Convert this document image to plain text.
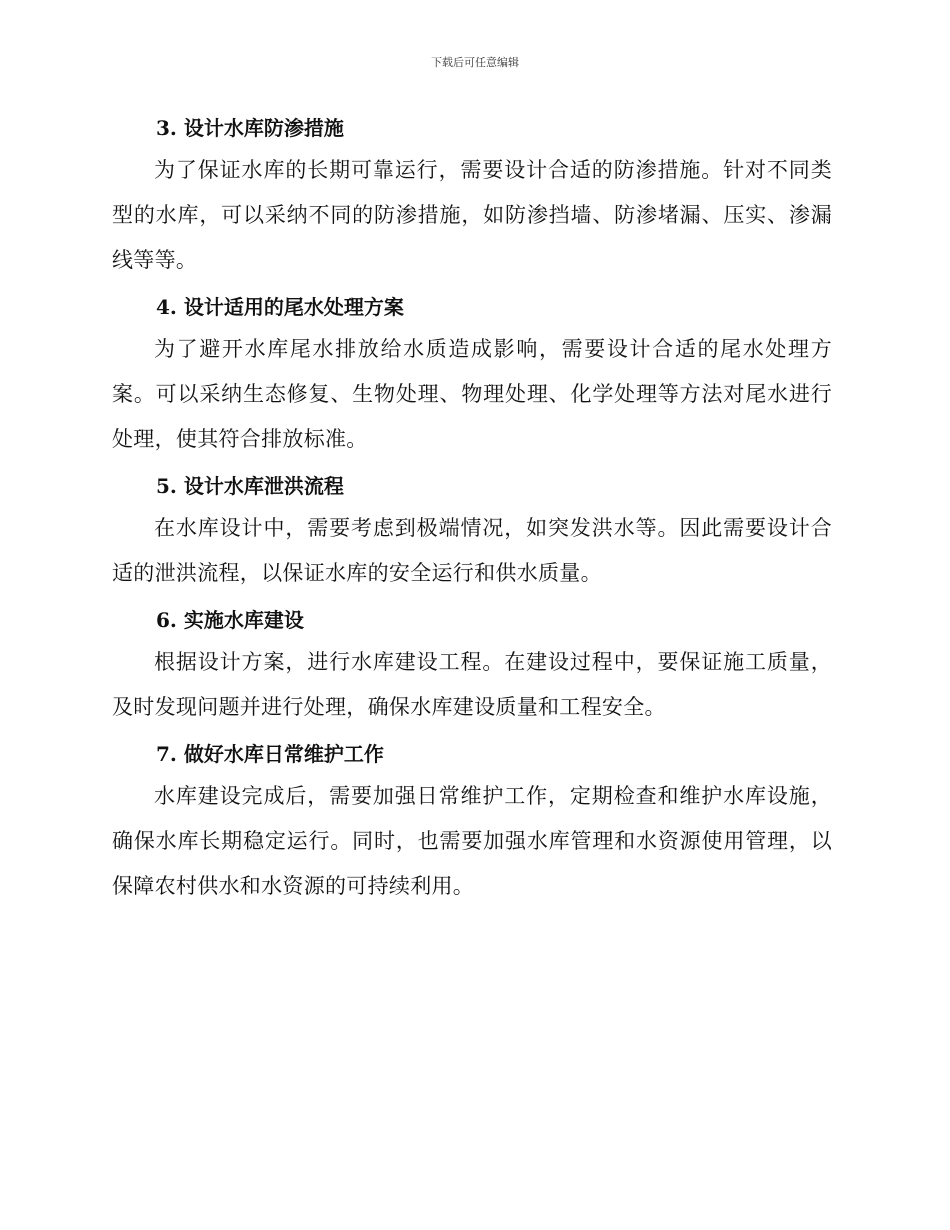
下载后可任意编辑
3. 设计水库防渗措施

为了保证水库的长期可靠运行，需要设计合适的防渗措施。针对不同类型的水库，可以采纳不同的防渗措施，如防渗挡墙、防渗堵漏、压实、渗漏线等等。

4. 设计适用的尾水处理方案

为了避开水库尾水排放给水质造成影响，需要设计合适的尾水处理方案。可以采纳生态修复、生物处理、物理处理、化学处理等方法对尾水进行处理，使其符合排放标准。

5. 设计水库泄洪流程

在水库设计中，需要考虑到极端情况，如突发洪水等。因此需要设计合适的泄洪流程，以保证水库的安全运行和供水质量。

6. 实施水库建设

根据设计方案，进行水库建设工程。在建设过程中，要保证施工质量，及时发现问题并进行处理，确保水库建设质量和工程安全。

7. 做好水库日常维护工作

水库建设完成后，需要加强日常维护工作，定期检查和维护水库设施，确保水库长期稳定运行。同时，也需要加强水库管理和水资源使用管理，以保障农村供水和水资源的可持续利用。
